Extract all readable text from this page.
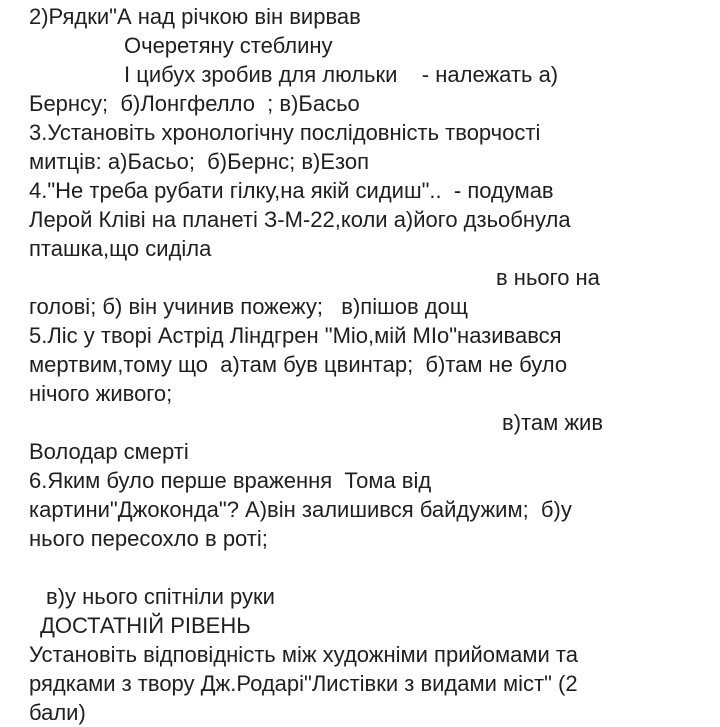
2)Рядки"А над річкою він вирвав
Очеретяну стеблину
І цибух зробив для люльки    - належать а)
Бернсу;  б)Лонгфелло  ; в)Басьо
3.Установіть хронологічну послідовність творчості
митців: а)Басьо;  б)Бернс; в)Езоп
4."Не треба рубати гілку,на якій сидиш"..  - подумав
Лерой Кліві на планеті З-М-22,коли а)його дзьобнула
пташка,що сиділа
в нього на
голові; б) він учинив пожежу;   в)пішов дощ
5.Ліс у творі Астрід Ліндгрен "Міо,мій МІо"називався
мертвим,тому що  а)там був цвинтар;  б)там не було
нічого живого;
в)там жив
Володар смерті
6.Яким було перше враження  Тома від
картини"Джоконда"? А)він залишився байдужим;  б)у
нього пересохло в роті;
в)у нього спітніли руки
ДОСТАТНІЙ РІВЕНЬ
Установіть відповідність між художніми прийомами та
рядками з твору Дж.Родарі"Листівки з видами міст" (2
бали)
